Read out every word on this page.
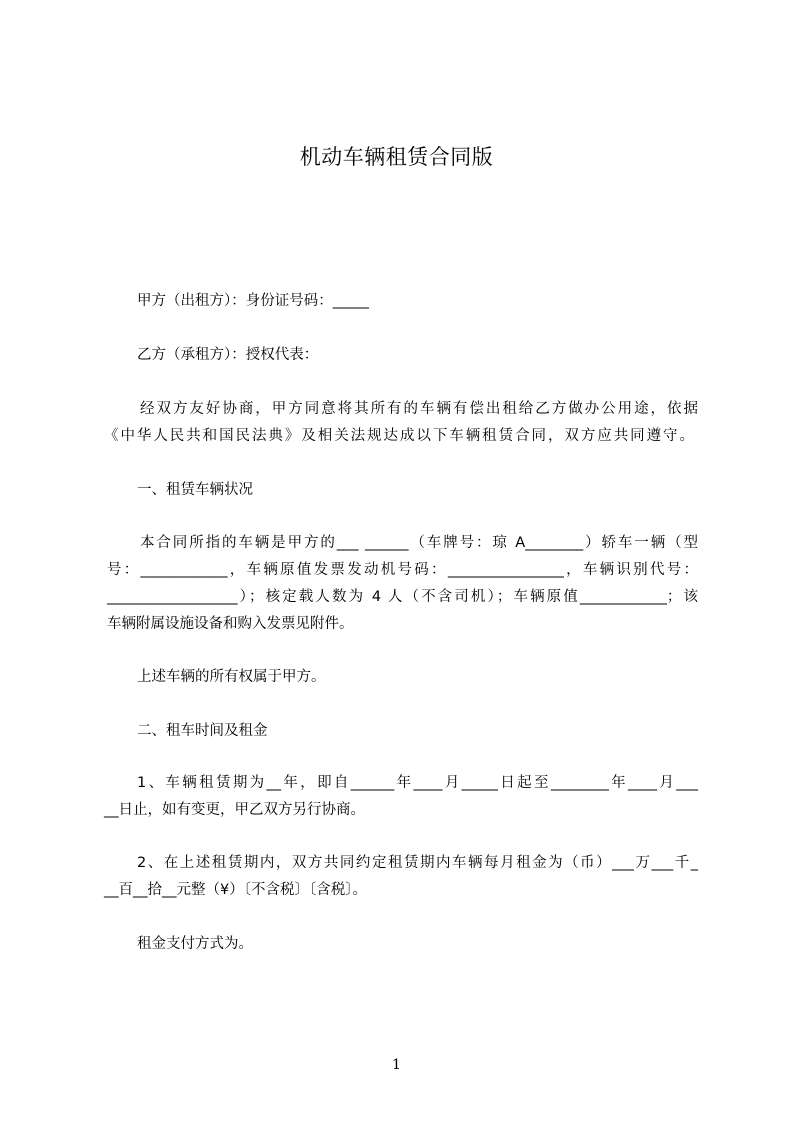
机动车辆租赁合同版
甲方（出租方）：身份证号码：_____
乙方（承租方）：授权代表：
经双方友好协商，甲方同意将其所有的车辆有偿出租给乙方做办公用途，依据
《中华人民共和国民法典》及相关法规达成以下车辆租赁合同，双方应共同遵守。
一、租赁车辆状况
本合同所指的车辆是甲方的___ ______（车牌号：琼 A________）轿车一辆（型
号：____________，车辆原值发票发动机号码：________________，车辆识别代号：
__________________）；核定载人数为 4 人（不含司机）；车辆原值____________；该
车辆附属设施设备和购入发票见附件。
上述车辆的所有权属于甲方。
二、租车时间及租金
1、车辆租赁期为__年，即自______年____月_____日起至________年____月___
__日止，如有变更，甲乙双方另行协商。
2、在上述租赁期内，双方共同约定租赁期内车辆每月租金为（币）___万___千_
__百__拾__元整（¥）〔不含税〕〔含税〕。
租金支付方式为。
1
